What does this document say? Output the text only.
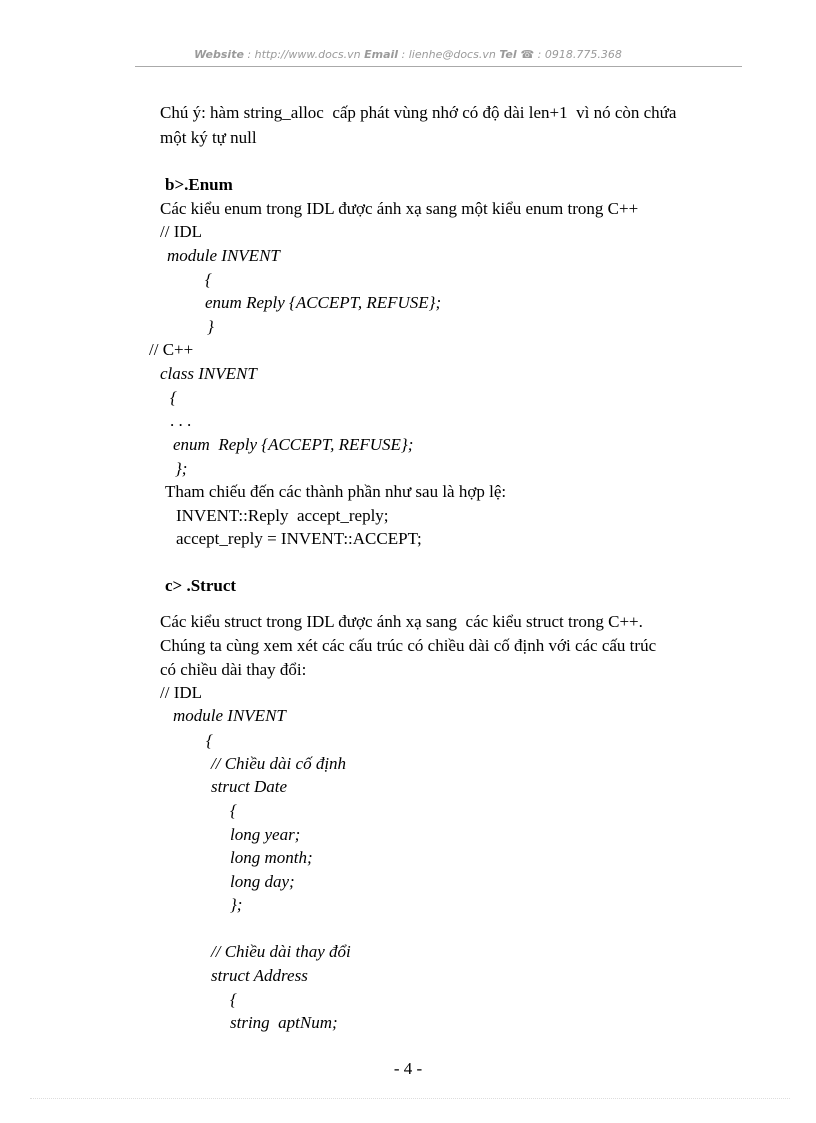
Website : http://www.docs.vn Email : lienhe@docs.vn Tel ☎ : 0918.775.368
Chú ý: hàm string_alloc  cấp phát vùng nhớ có độ dài len+1  vì nó còn chứa
một ký tự null
b>.Enum
Các kiểu enum trong IDL được ánh xạ sang một kiểu enum trong C++
// IDL
module INVENT
{
enum Reply {ACCEPT, REFUSE};
}
// C++
class INVENT
{
. . .
enum  Reply {ACCEPT, REFUSE};
};
Tham chiếu đến các thành phần như sau là hợp lệ:
INVENT::Reply  accept_reply;
accept_reply = INVENT::ACCEPT;
c> .Struct
Các kiểu struct trong IDL được ánh xạ sang  các kiểu struct trong C++.
Chúng ta cùng xem xét các cấu trúc có chiều dài cố định với các cấu trúc
có chiều dài thay đổi:
// IDL
module INVENT
{
// Chiều dài cố định
struct Date
{
long year;
long month;
long day;
};
// Chiều dài thay đổi
struct Address
{
string  aptNum;
- 4 -
